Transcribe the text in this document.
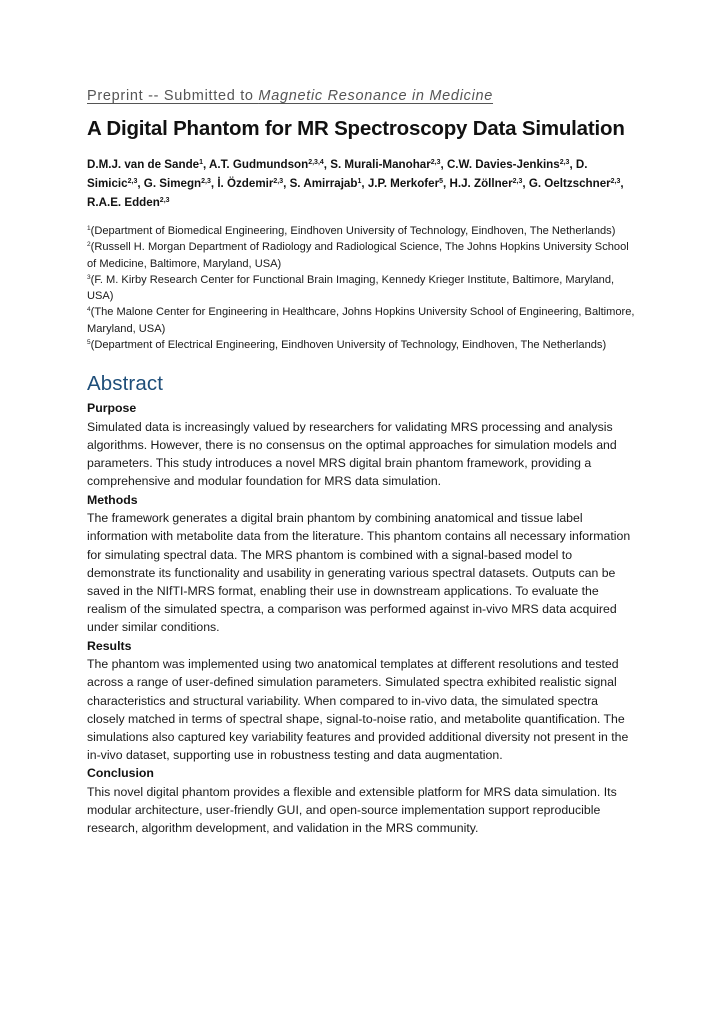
Preprint -- Submitted to Magnetic Resonance in Medicine

A Digital Phantom for MR Spectroscopy Data Simulation

D.M.J. van de Sande$^1$, A.T. Gudmundson$^{2,3,4}$, S. Murali-Manohar$^{2,3}$, C.W. Davies-Jenkins$^{2,3}$, D. Simicic$^{2,3}$, G. Simegn$^{2,3}$, İ. Özdemir$^{2,3}$, S. Amirrajab$^1$, J.P. Merkofer$^5$, H.J. Zöllner$^{2,3}$, G. Oeltzschner$^{2,3}$, R.A.E. Edden$^{2,3}$

$^1$(Department of Biomedical Engineering, Eindhoven University of Technology, Eindhoven, The Netherlands)

$^2$(Russell H. Morgan Department of Radiology and Radiological Science, The Johns Hopkins University School of Medicine, Baltimore, Maryland, USA)

$^3$(F. M. Kirby Research Center for Functional Brain Imaging, Kennedy Krieger Institute, Baltimore, Maryland, USA)

$^4$(The Malone Center for Engineering in Healthcare, Johns Hopkins University School of Engineering, Baltimore, Maryland, USA)

$^5$(Department of Electrical Engineering, Eindhoven University of Technology, Eindhoven, The Netherlands)

Abstract

Purpose

Simulated data is increasingly valued by researchers for validating MRS processing and analysis algorithms. However, there is no consensus on the optimal approaches for simulation models and parameters. This study introduces a novel MRS digital brain phantom framework, providing a comprehensive and modular foundation for MRS data simulation.

Methods

The framework generates a digital brain phantom by combining anatomical and tissue label information with metabolite data from the literature. This phantom contains all necessary information for simulating spectral data. The MRS phantom is combined with a signal-based model to demonstrate its functionality and usability in generating various spectral datasets. Outputs can be saved in the NIfTI-MRS format, enabling their use in downstream applications. To evaluate the realism of the simulated spectra, a comparison was performed against in-vivo MRS data acquired under similar conditions.

Results

The phantom was implemented using two anatomical templates at different resolutions and tested across a range of user-defined simulation parameters. Simulated spectra exhibited realistic signal characteristics and structural variability. When compared to in-vivo data, the simulated spectra closely matched in terms of spectral shape, signal-to-noise ratio, and metabolite quantification. The simulations also captured key variability features and provided additional diversity not present in the in-vivo dataset, supporting use in robustness testing and data augmentation.

Conclusion

This novel digital phantom provides a flexible and extensible platform for MRS data simulation. Its modular architecture, user-friendly GUI, and open-source implementation support reproducible research, algorithm development, and validation in the MRS community.
